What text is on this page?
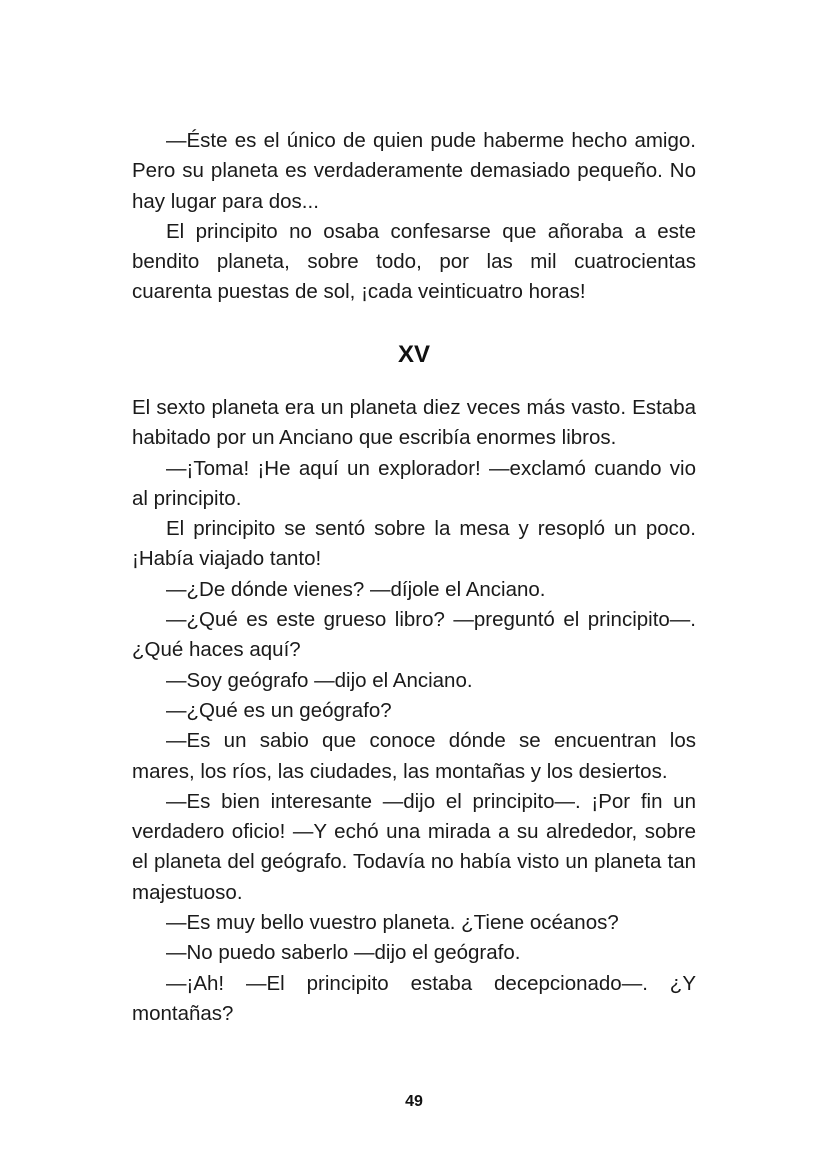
—Éste es el único de quien pude haberme hecho amigo. Pero su planeta es verdaderamente demasiado pequeño. No hay lugar para dos...

El principito no osaba confesarse que añoraba a este bendito planeta, sobre todo, por las mil cuatrocientas cuarenta puestas de sol, ¡cada veinticuatro horas!

XV

El sexto planeta era un planeta diez veces más vasto. Estaba habitado por un Anciano que escribía enormes libros.

—¡Toma! ¡He aquí un explorador! —exclamó cuando vio al principito.

El principito se sentó sobre la mesa y resopló un poco. ¡Había viajado tanto!

—¿De dónde vienes? —díjole el Anciano.

—¿Qué es este grueso libro? —preguntó el principito—. ¿Qué haces aquí?

—Soy geógrafo —dijo el Anciano.

—¿Qué es un geógrafo?

—Es un sabio que conoce dónde se encuentran los mares, los ríos, las ciudades, las montañas y los desiertos.

—Es bien interesante —dijo el principito—. ¡Por fin un verdadero oficio! —Y echó una mirada a su alrededor, sobre el planeta del geógrafo. Todavía no había visto un planeta tan majestuoso.

—Es muy bello vuestro planeta. ¿Tiene océanos?

—No puedo saberlo —dijo el geógrafo.

—¡Ah! —El principito estaba decepcionado—. ¿Y montañas?

49
